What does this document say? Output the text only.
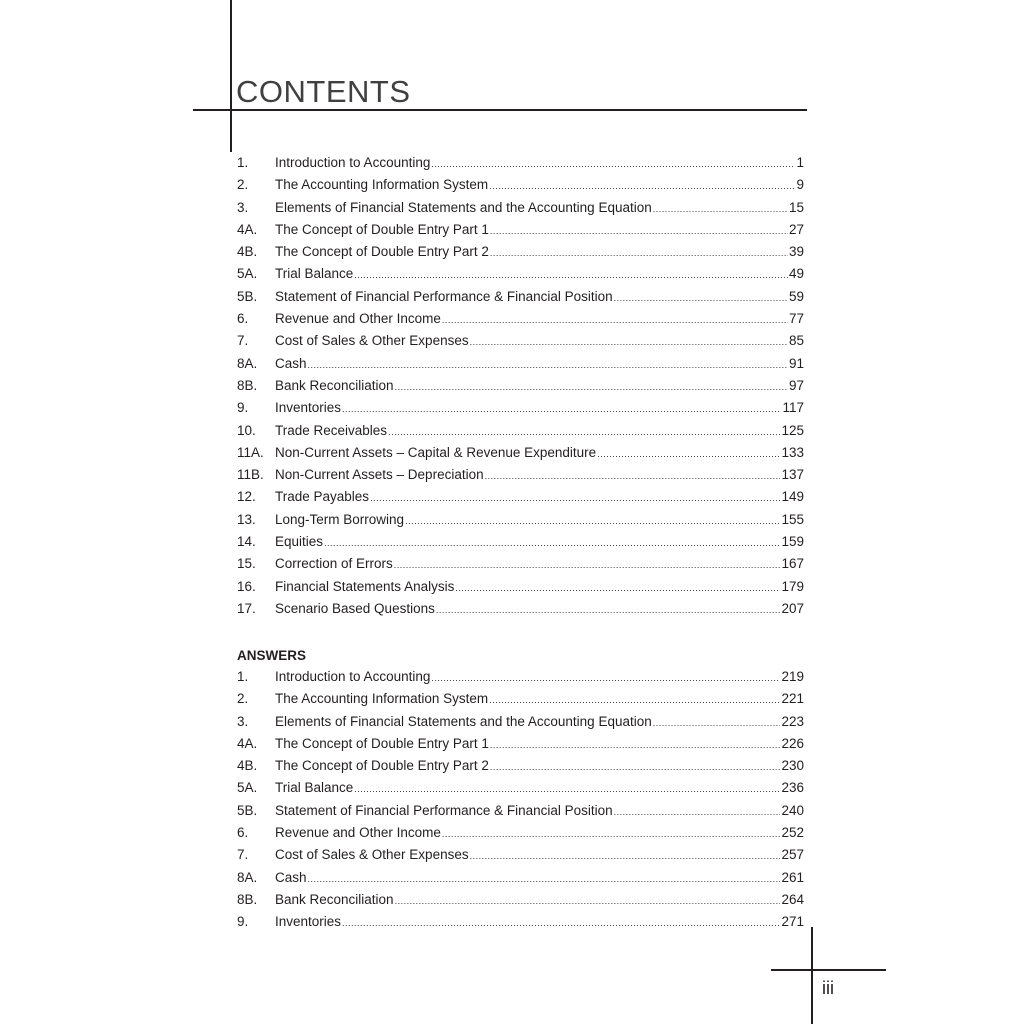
CONTENTS
1.	Introduction to Accounting .....	1
2.	The Accounting Information System .....	9
3.	Elements of Financial Statements and the Accounting Equation .....	15
4A.	The Concept of Double Entry Part 1 .....	27
4B.	The Concept of Double Entry Part 2 .....	39
5A.	Trial Balance .....	49
5B.	Statement of Financial Performance & Financial Position .....	59
6.	Revenue and Other Income .....	77
7.	Cost of Sales & Other Expenses .....	85
8A.	Cash .....	91
8B.	Bank Reconciliation .....	97
9.	Inventories .....	117
10.	Trade Receivables .....	125
11A. Non-Current Assets – Capital & Revenue Expenditure .....	133
11B. Non-Current Assets – Depreciation .....	137
12.	Trade Payables .....	149
13.	Long-Term Borrowing .....	155
14.	Equities .....	159
15.	Correction of Errors .....	167
16.	Financial Statements Analysis .....	179
17.	Scenario Based Questions .....	207
ANSWERS
1.	Introduction to Accounting .....	219
2.	The Accounting Information System .....	221
3.	Elements of Financial Statements and the Accounting Equation .....	223
4A.	The Concept of Double Entry Part 1 .....	226
4B.	The Concept of Double Entry Part 2 .....	230
5A.	Trial Balance .....	236
5B.	Statement of Financial Performance & Financial Position .....	240
6.	Revenue and Other Income .....	252
7.	Cost of Sales & Other Expenses .....	257
8A.	Cash .....	261
8B.	Bank Reconciliation .....	264
9.	Inventories .....	271
iii
